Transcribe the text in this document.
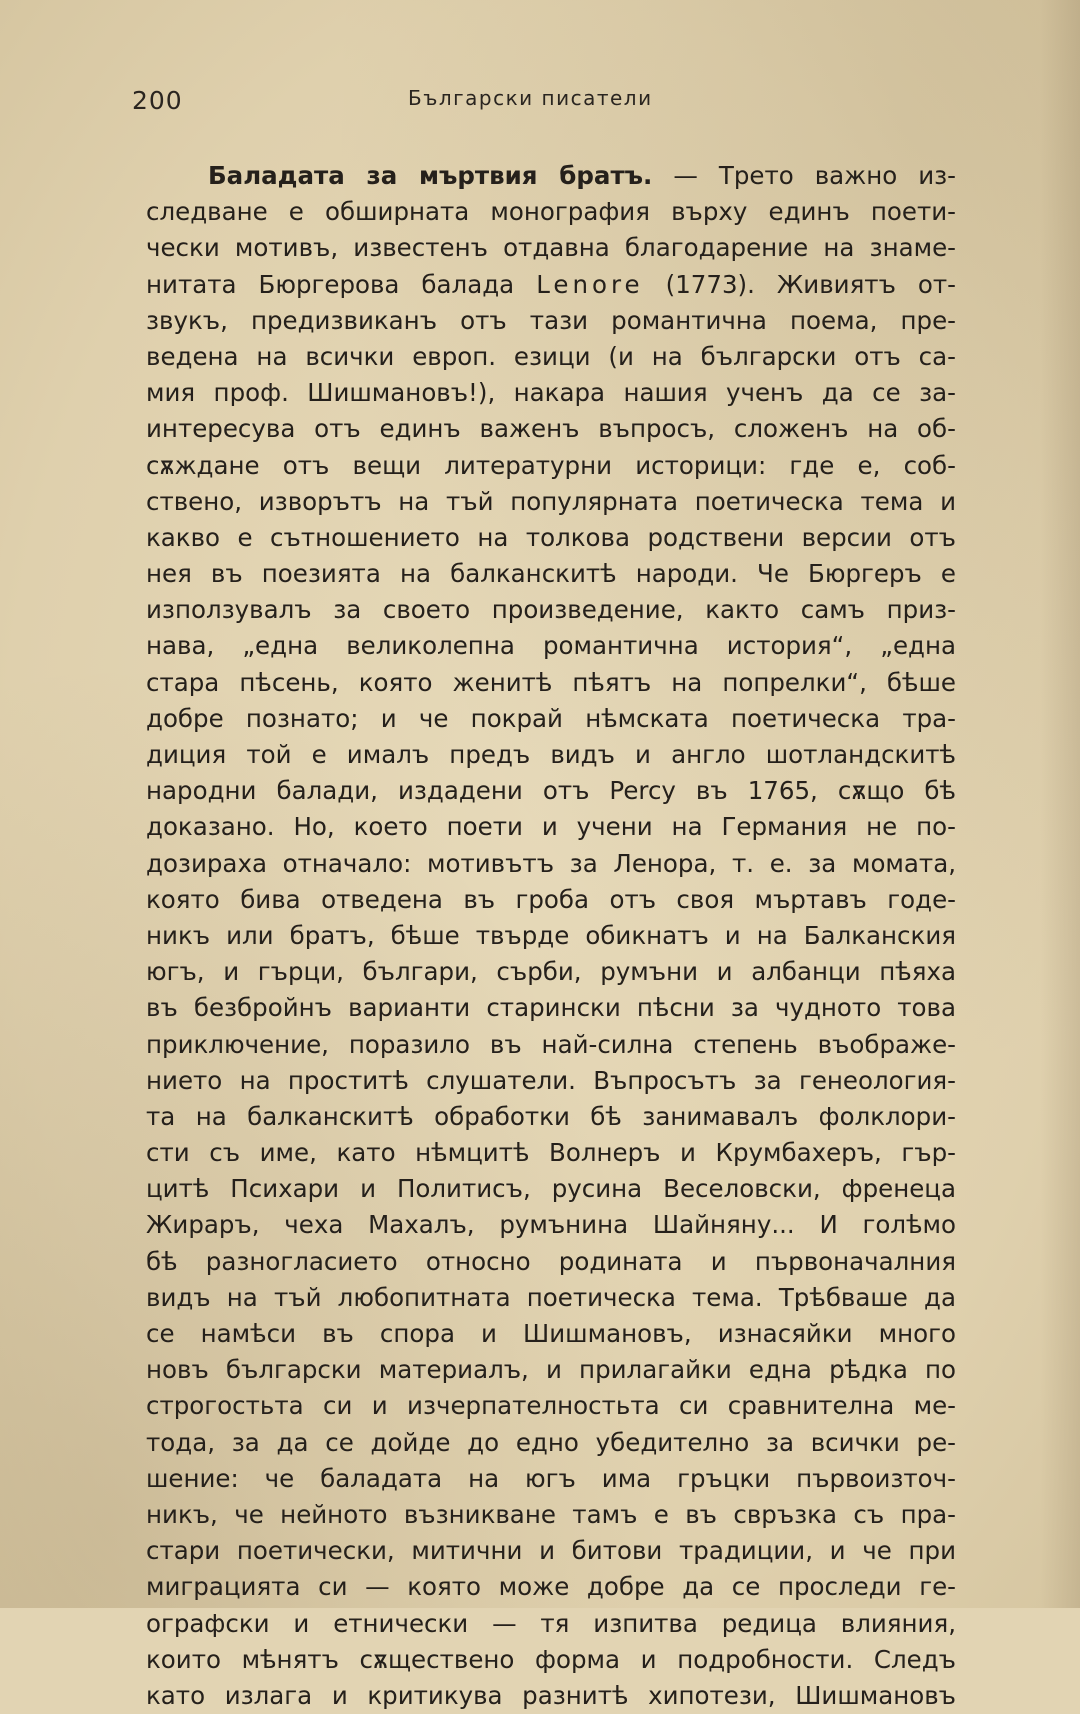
200	Български писатели
Баладата за мъртвия братъ. — Трето важно из-
следване е обширната монография върху единъ поети-
чески мотивъ, известенъ отдавна благодарение на знаме-
нитата Бюргерова балада Lenore (1773). Живиятъ от-
звукъ, предизвиканъ отъ тази романтична поема, пре-
ведена на всички европ. езици (и на български отъ са-
мия проф. Шишмановъ!), накара нашия ученъ да се за-
интересува отъ единъ важенъ въпросъ, сложенъ на об-
сѫждане отъ вещи литературни историци: где е, соб-
ствено, изворътъ на тъй популярната поетическа тема и
какво е сътношението на толкова родствени версии отъ
нея въ поезията на балканскитѣ народи. Че Бюргеръ е
използувалъ за своето произведение, както самъ приз-
нава, „една великолепна романтична история“, „една
стара пѣсень, която женитѣ пѣятъ на попрелки“, бѣше
добре познато; и че покрай нѣмската поетическа тра-
диция той е ималъ предъ видъ и англо шотландскитѣ
народни балади, издадени отъ Percy въ 1765, сѫщо бѣ
доказано. Но, което поети и учени на Германия не по-
дозираха отначало: мотивътъ за Ленора, т. е. за момата,
която бива отведена въ гроба отъ своя мъртавъ годе-
никъ или братъ, бѣше твърде обикнатъ и на Балканския
югъ, и гърци, българи, сърби, румъни и албанци пѣяха
въ безбройнъ варианти старински пѣсни за чудното това
приключение, поразило въ най-силна степень въображе-
нието на проститѣ слушатели. Въпросътъ за генеология-
та на балканскитѣ обработки бѣ занимавалъ фолклори-
сти съ име, като нѣмцитѣ Волнеръ и Крумбахеръ, гър-
цитѣ Психари и Политисъ, русина Веселовски, френеца
Жираръ, чеха Махалъ, румънина Шайняну... И голѣмо
бѣ разногласието относно родината и първоначалния
видъ на тъй любопитната поетическа тема. Трѣбваше да
се намѣси въ спора и Шишмановъ, изнасяйки много
новъ български материалъ, и прилагайки една рѣдка по
строгостьта си и изчерпателностьта си сравнителна ме-
тода, за да се дойде до едно убедително за всички ре-
шение: че баладата на югъ има гръцки първоизточ-
никъ, че нейното възникване тамъ е въ свръзка съ пра-
стари поетически, митични и битови традиции, и че при
миграцията си — която може добре да се проследи ге-
ографски и етнически — тя изпитва редица влияния,
които мѣнятъ сѫществено форма и подробности. Следъ
като излага и критикува разнитѣ хипотези, Шишмановъ
